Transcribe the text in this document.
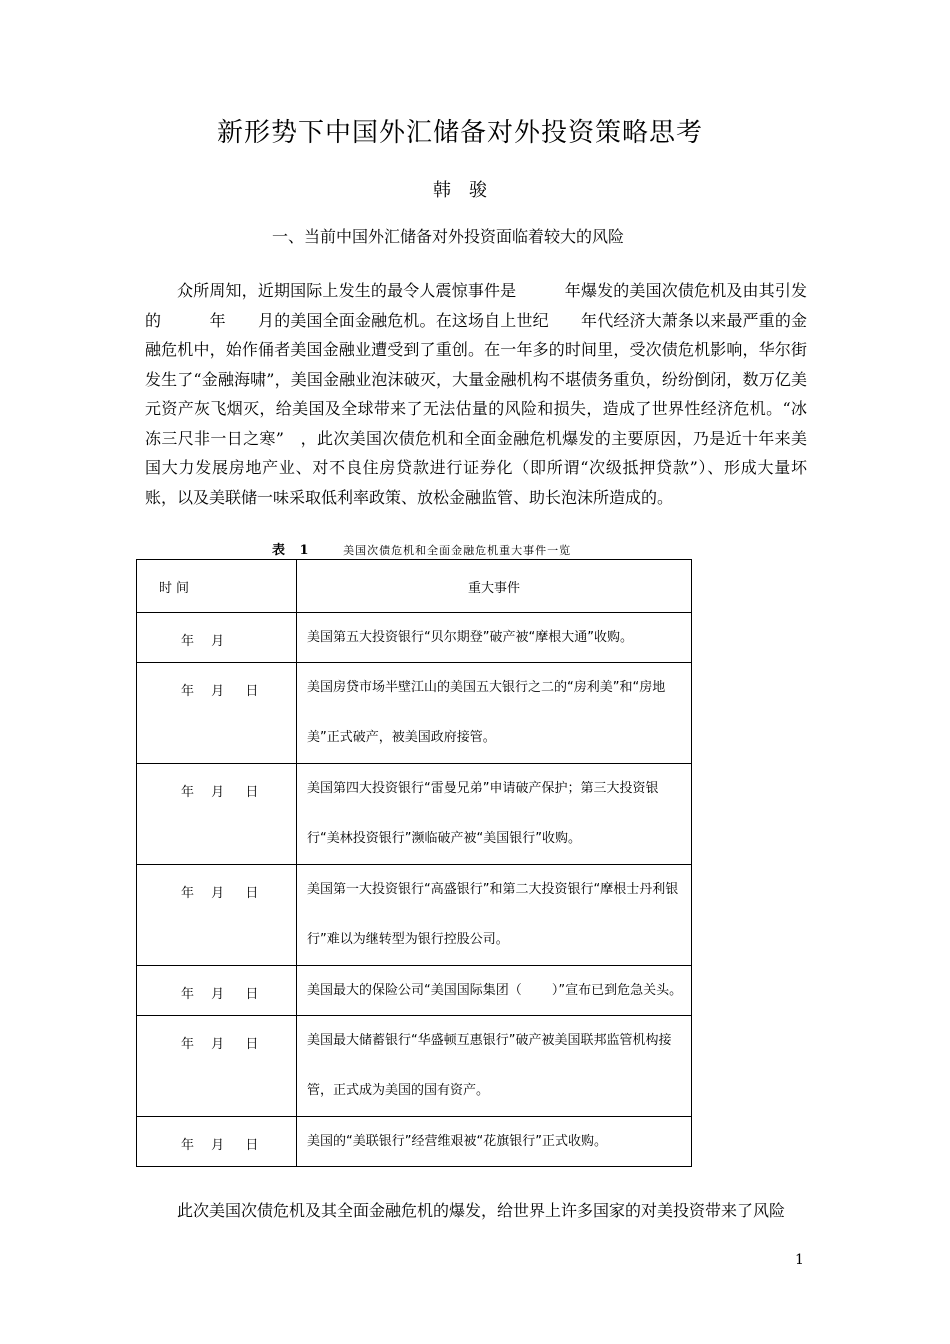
新形势下中国外汇储备对外投资策略思考
韩　骏
一、当前中国外汇储备对外投资面临着较大的风险

众所周知，近期国际上发生的最令人震惊事件是　　　年爆发的美国次债危机及由其引发的　　　年　　月的美国全面金融危机。在这场自上世纪　　年代经济大萧条以来最严重的金融危机中，始作俑者美国金融业遭受到了重创。在一年多的时间里，受次债危机影响，华尔街发生了“金融海啸”，美国金融业泡沫破灭，大量金融机构不堪债务重负，纷纷倒闭，数万亿美元资产灰飞烟灭，给美国及全球带来了无法估量的风险和损失，造成了世界性经济危机。“冰冻三尺非一日之寒”　，此次美国次债危机和全面金融危机爆发的主要原因，乃是近十年来美国大力发展房地产业、对不良住房贷款进行证券化（即所谓“次级抵押贷款”）、形成大量坏账，以及美联储一味采取低利率政策、放松金融监管、助长泡沫所造成的。

表 1	美国次债危机和全面金融危机重大事件一览
时间	重大事件
年　 月	美国第五大投资银行“贝尔期登”破产被“摩根大通”收购。
年　 月　  日	美国房贷市场半壁江山的美国五大银行之二的“房利美”和“房地美”正式破产，被美国政府接管。
年　 月　  日	美国第四大投资银行“雷曼兄弟”申请破产保护；第三大投资银行“美林投资银行”濒临破产被“美国银行”收购。
年　 月　  日	美国第一大投资银行“高盛银行”和第二大投资银行“摩根士丹利银行”难以为继转型为银行控股公司。
年　 月　  日	美国最大的保险公司“美国国际集团（　　 ）”宣布已到危急关头。
年　 月　  日	美国最大储蓄银行“华盛顿互惠银行”破产被美国联邦监管机构接管，正式成为美国的国有资产。
年　 月　  日	美国的“美联银行”经营维艰被“花旗银行”正式收购。

此次美国次债危机及其全面金融危机的爆发，给世界上许多国家的对美投资带来了风险

1
